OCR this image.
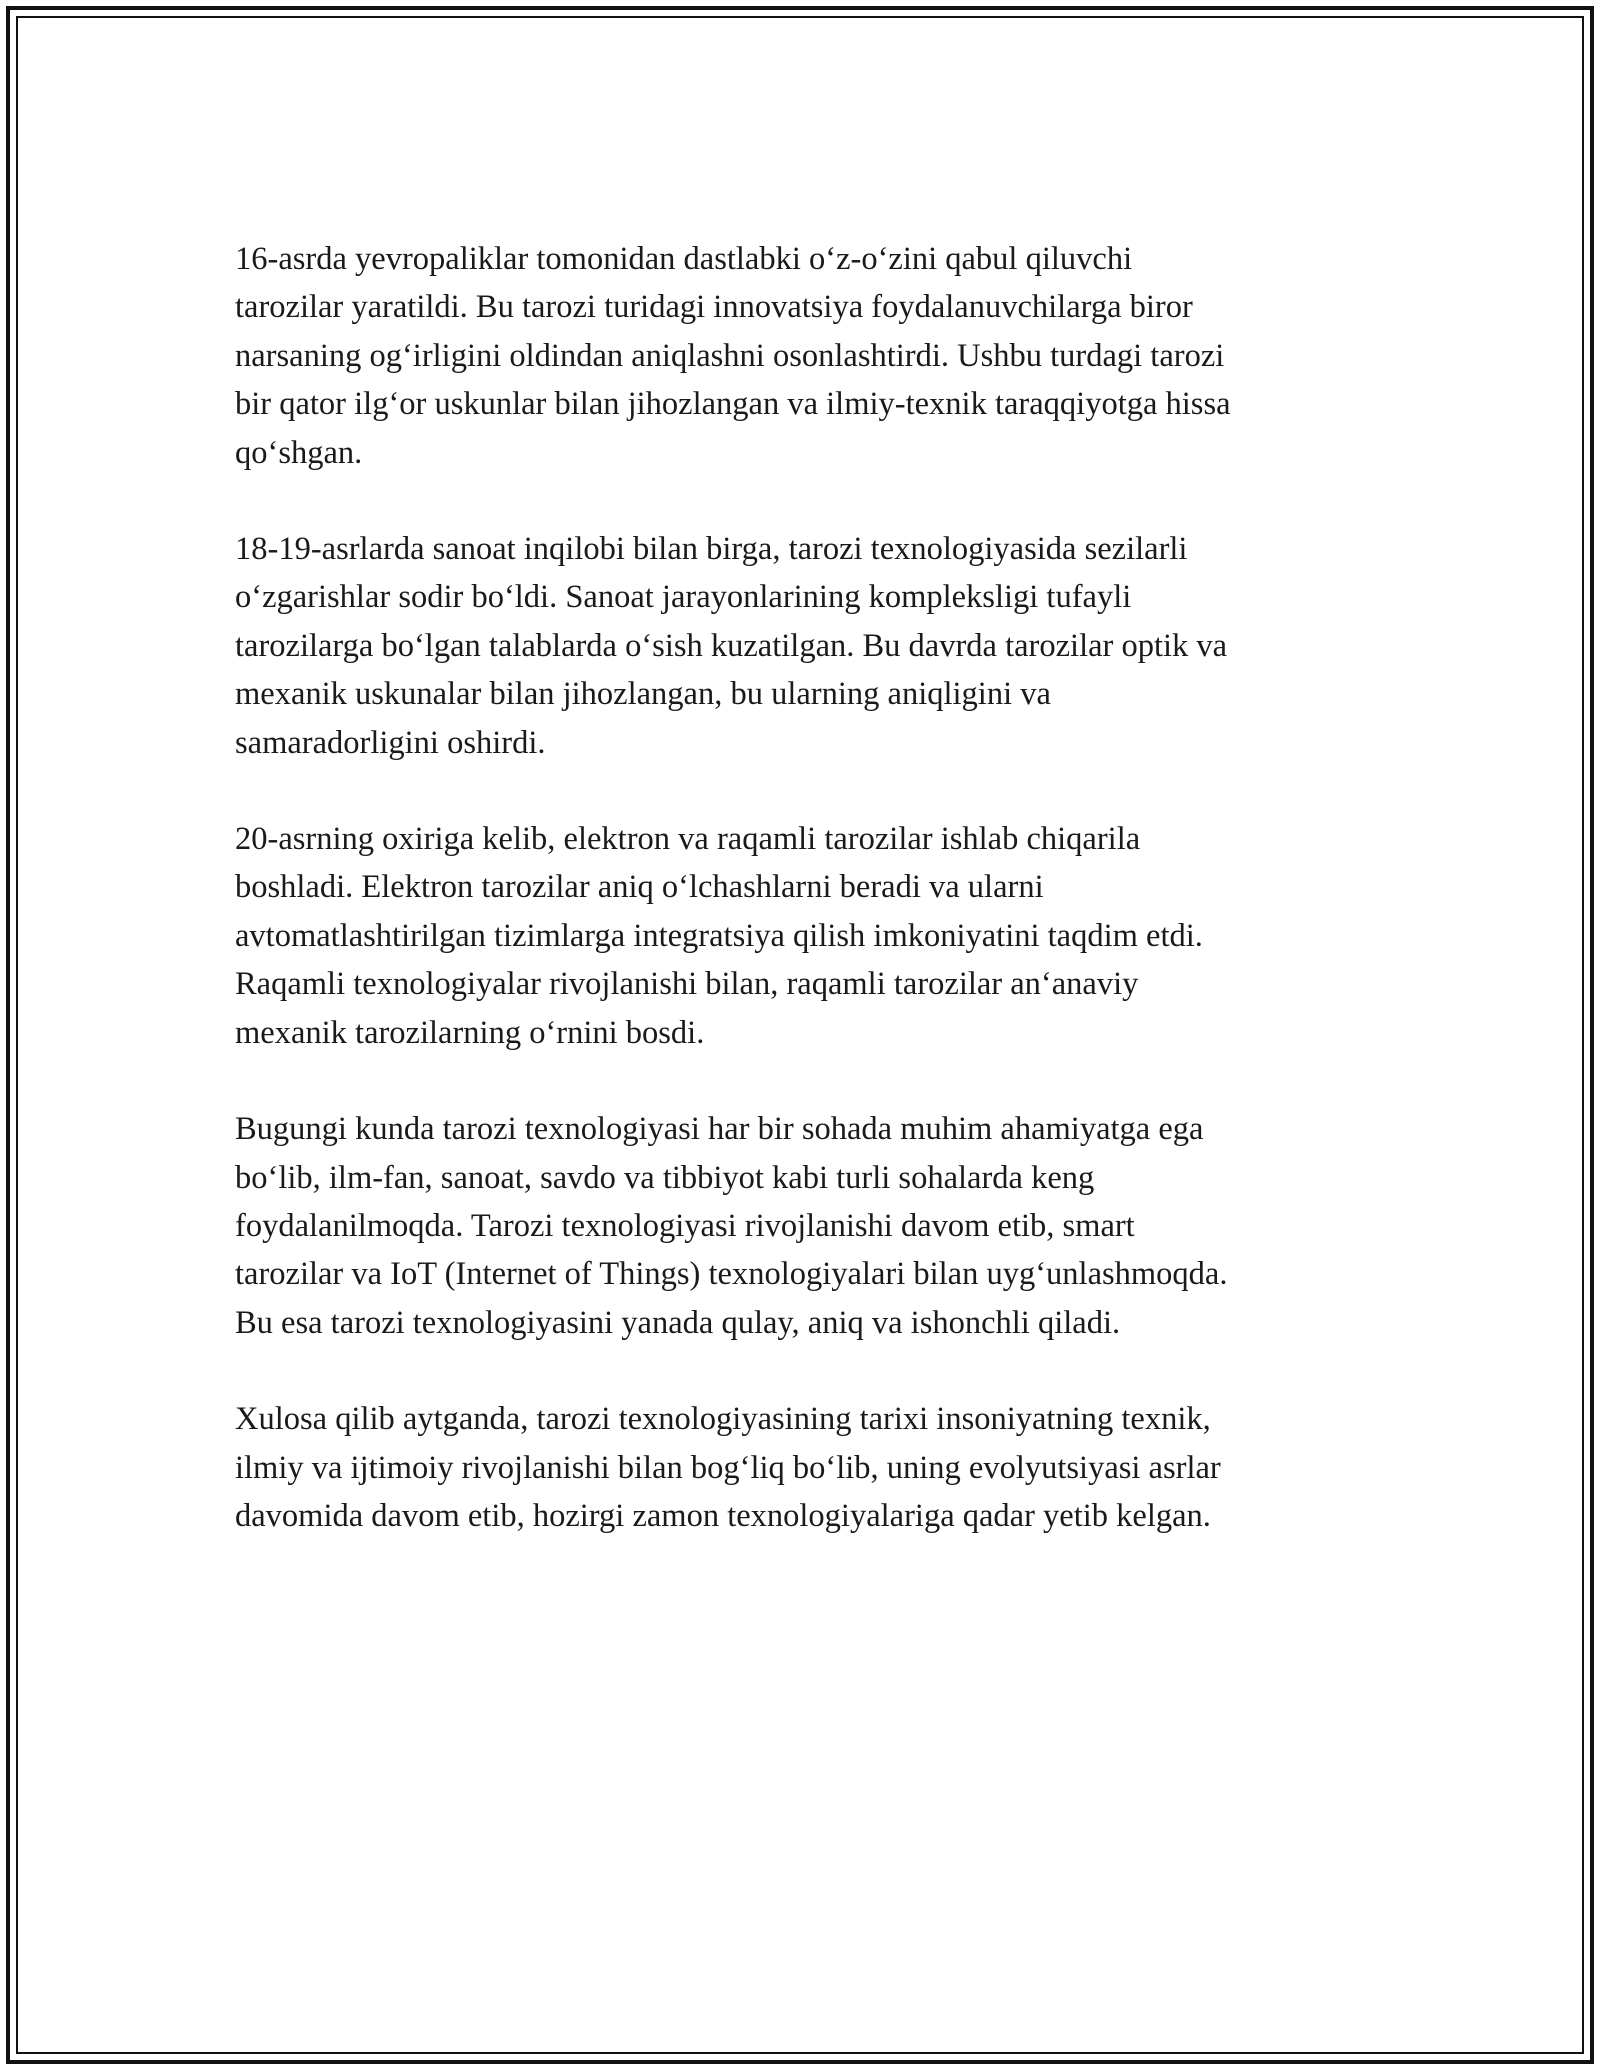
16-asrda yevropaliklar tomonidan dastlabki o‘z-o‘zini qabul qiluvchi
tarozilar yaratildi. Bu tarozi turidagi innovatsiya foydalanuvchilarga biror
narsaning og‘irligini oldindan aniqlashni osonlashtirdi. Ushbu turdagi tarozi
bir qator ilg‘or uskunlar bilan jihozlangan va ilmiy-texnik taraqqiyotga hissa
qo‘shgan.

18-19-asrlarda sanoat inqilobi bilan birga, tarozi texnologiyasida sezilarli
o‘zgarishlar sodir bo‘ldi. Sanoat jarayonlarining kompleksligi tufayli
tarozilarga bo‘lgan talablarda o‘sish kuzatilgan. Bu davrda tarozilar optik va
mexanik uskunalar bilan jihozlangan, bu ularning aniqligini va
samaradorligini oshirdi.

20-asrning oxiriga kelib, elektron va raqamli tarozilar ishlab chiqarila
boshladi. Elektron tarozilar aniq o‘lchashlarni beradi va ularni
avtomatlashtirilgan tizimlarga integratsiya qilish imkoniyatini taqdim etdi.
Raqamli texnologiyalar rivojlanishi bilan, raqamli tarozilar an‘anaviy
mexanik tarozilarning o‘rnini bosdi.

Bugungi kunda tarozi texnologiyasi har bir sohada muhim ahamiyatga ega
bo‘lib, ilm-fan, sanoat, savdo va tibbiyot kabi turli sohalarda keng
foydalanilmoqda. Tarozi texnologiyasi rivojlanishi davom etib, smart
tarozilar va IoT (Internet of Things) texnologiyalari bilan uyg‘unlashmoqda.
Bu esa tarozi texnologiyasini yanada qulay, aniq va ishonchli qiladi.

Xulosa qilib aytganda, tarozi texnologiyasining tarixi insoniyatning texnik,
ilmiy va ijtimoiy rivojlanishi bilan bog‘liq bo‘lib, uning evolyutsiyasi asrlar
davomida davom etib, hozirgi zamon texnologiyalariga qadar yetib kelgan.
